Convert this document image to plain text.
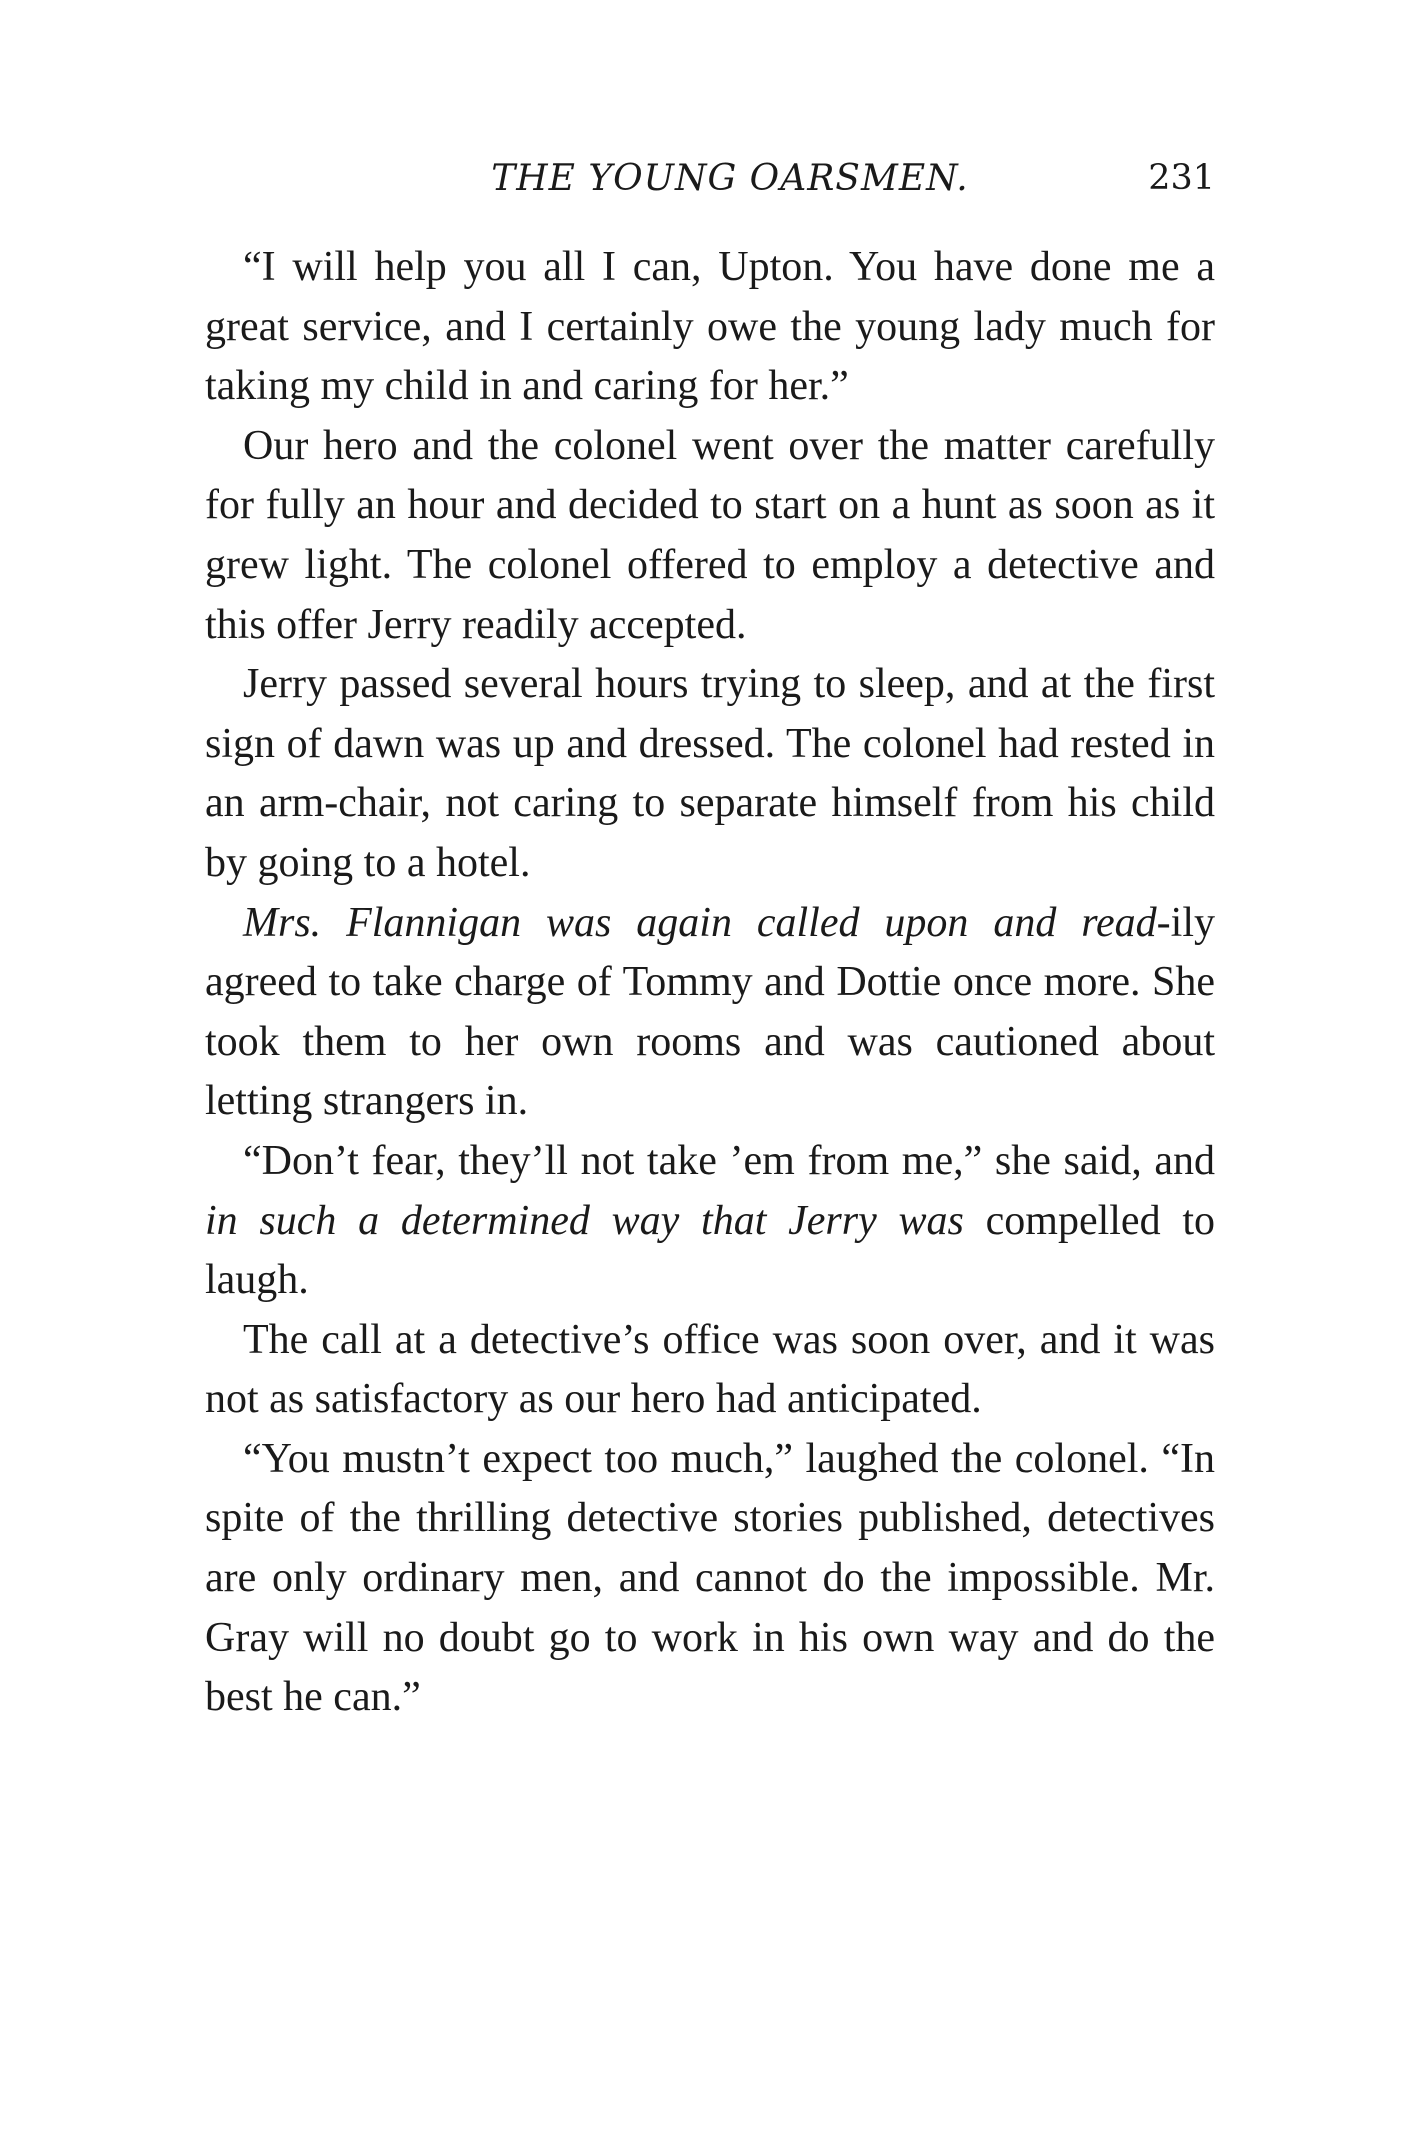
THE YOUNG OARSMEN.	231

“I will help you all I can, Upton. You have done me a great service, and I certainly owe the young lady much for taking my child in and caring for her.”

Our hero and the colonel went over the matter carefully for fully an hour and decided to start on a hunt as soon as it grew light. The colonel offered to employ a detective and this offer Jerry readily accepted.

Jerry passed several hours trying to sleep, and at the first sign of dawn was up and dressed. The colonel had rested in an arm-chair, not caring to separate himself from his child by going to a hotel.

Mrs. Flannigan was again called upon and read-ily agreed to take charge of Tommy and Dottie once more. She took them to her own rooms and was cautioned about letting strangers in.

“Don’t fear, they’ll not take ’em from me,” she said, and in such a determined way that Jerry was compelled to laugh.

The call at a detective’s office was soon over, and it was not as satisfactory as our hero had anticipated.

“You mustn’t expect too much,” laughed the colonel. “In spite of the thrilling detective stories published, detectives are only ordinary men, and cannot do the impossible. Mr. Gray will no doubt go to work in his own way and do the best he can.”
